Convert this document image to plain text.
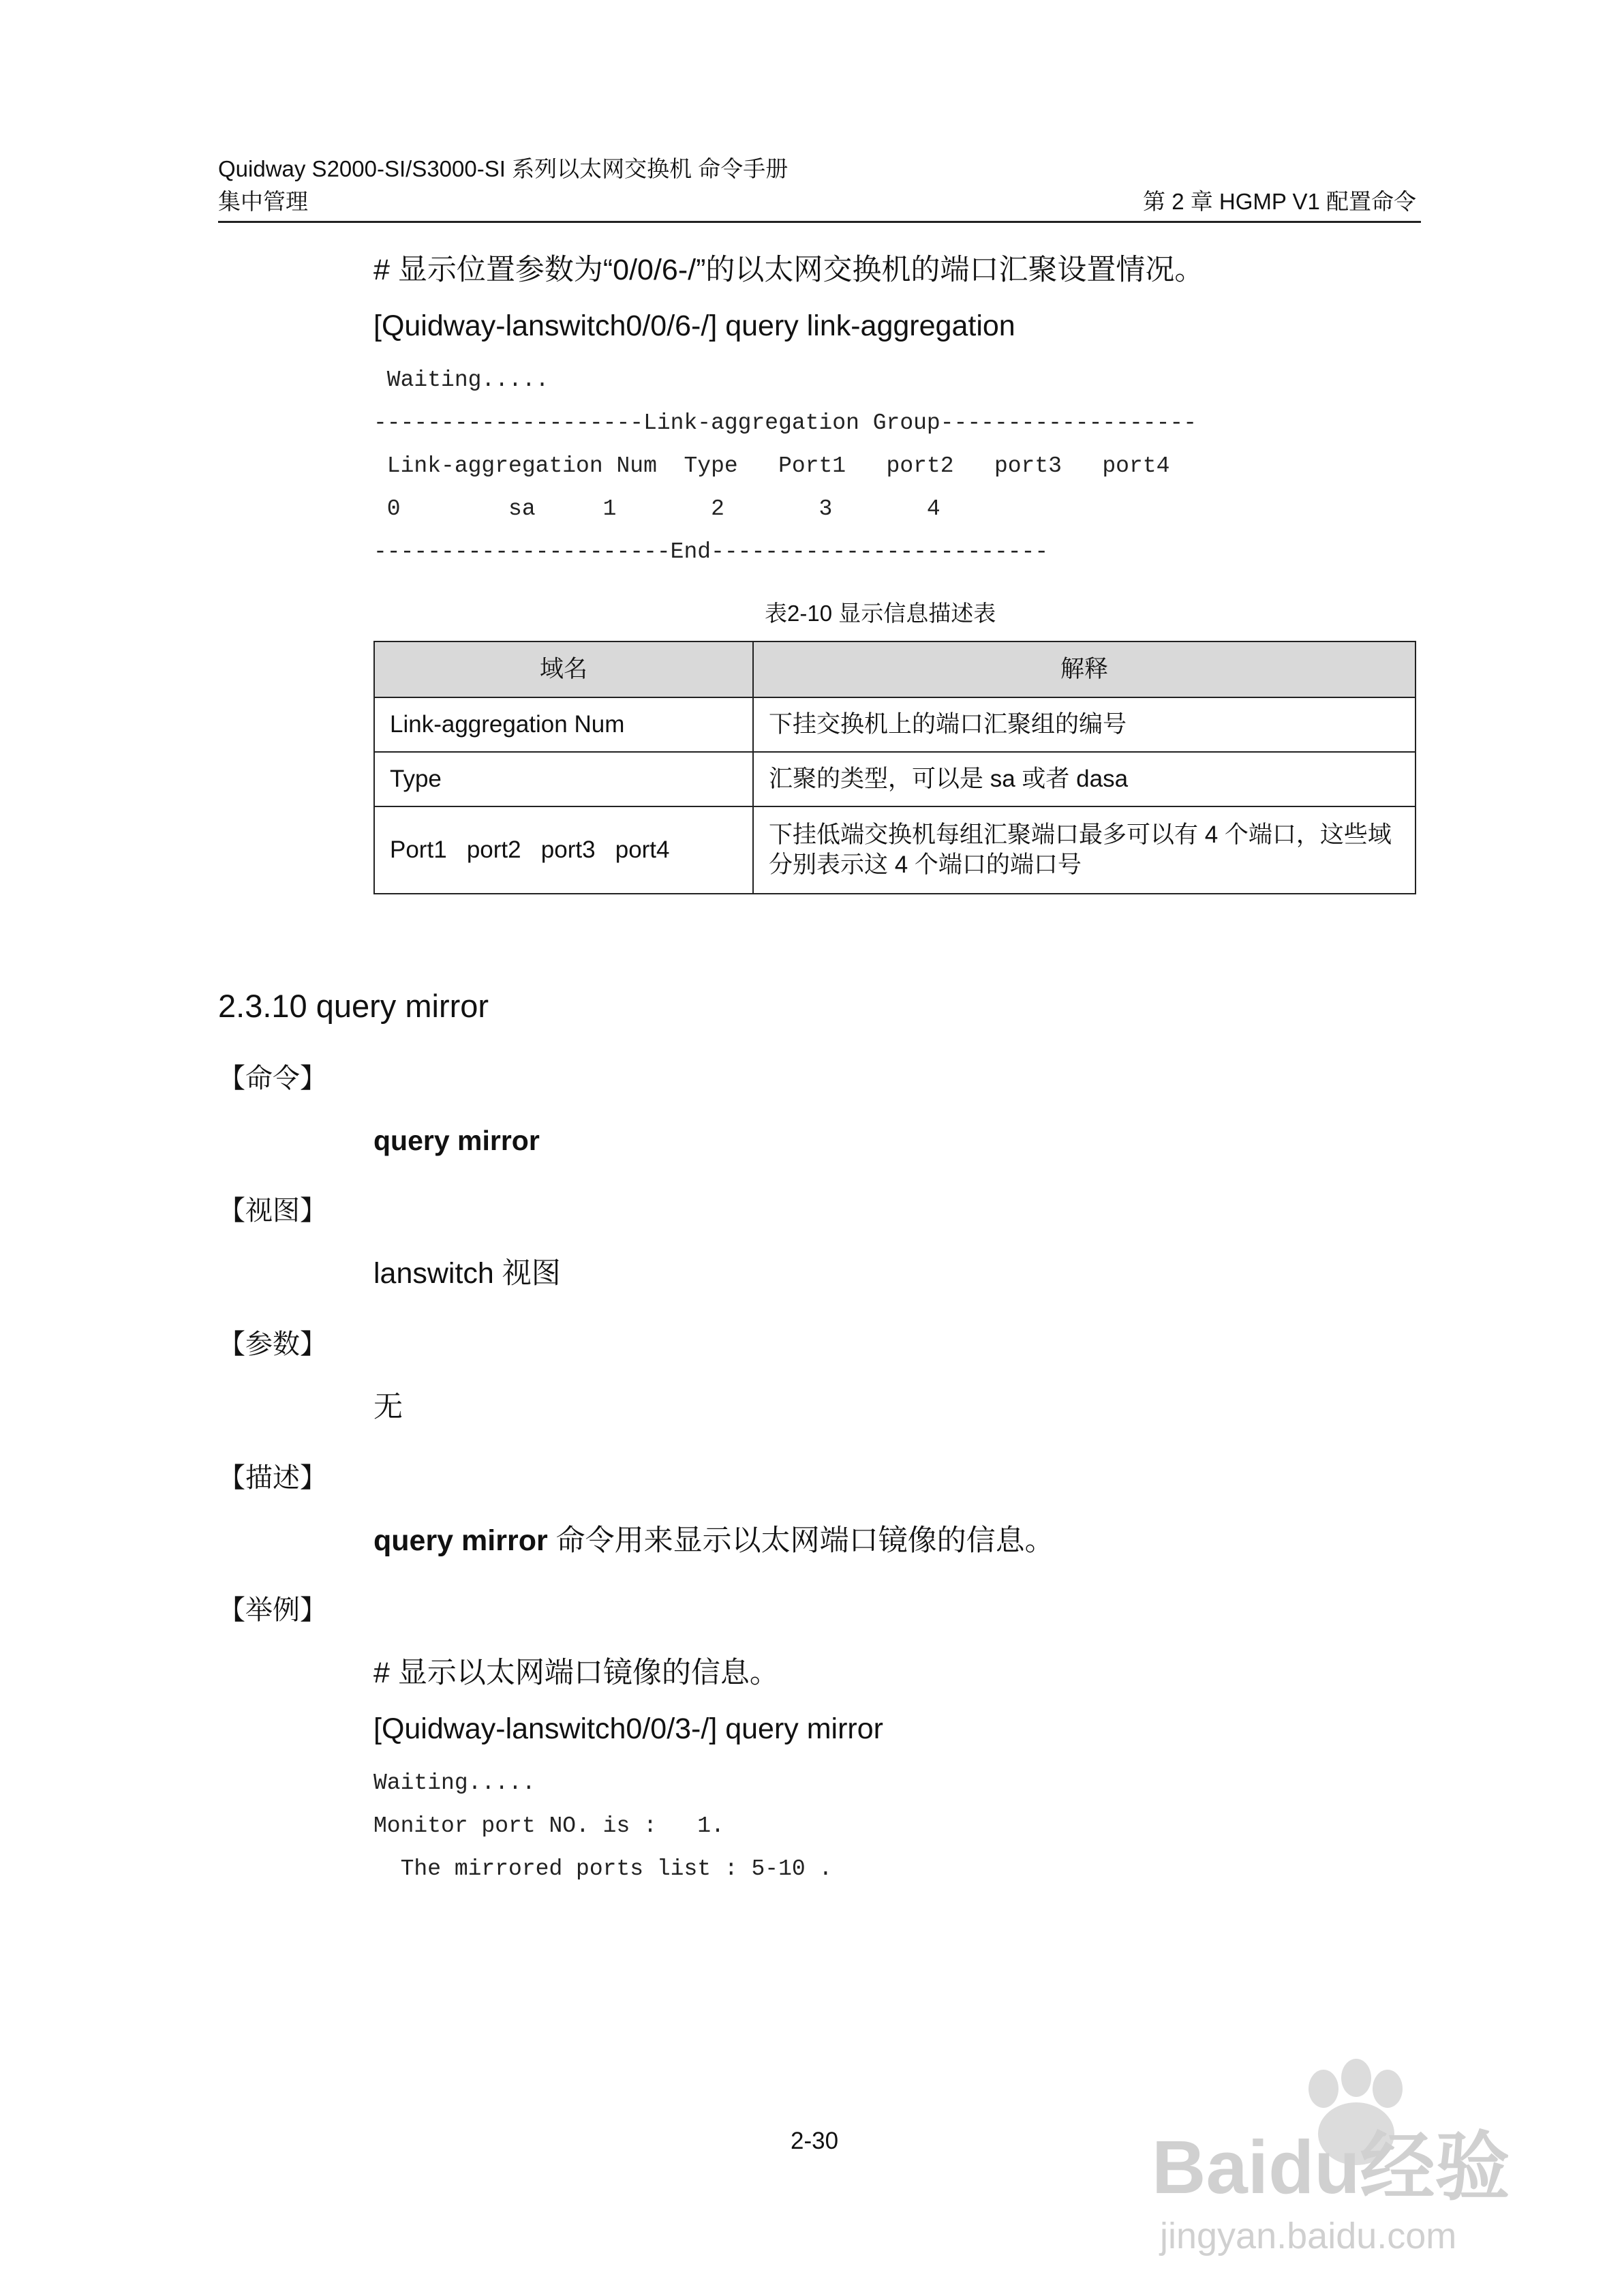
Quidway S2000-SI/S3000-SI 系列以太网交换机 命令手册
集中管理	第 2 章 HGMP V1 配置命令
# 显示位置参数为“0/0/6-/”的以太网交换机的端口汇聚设置情况。
[Quidway-lanswitch0/0/6-/] query link-aggregation
Waiting.....
--------------------Link-aggregation Group-------------------
Link-aggregation Num  Type   Port1   port2   port3   port4
0        sa     1       2       3       4
----------------------End-------------------------
表2-10 显示信息描述表
域名	解释
Link-aggregation Num	下挂交换机上的端口汇聚组的编号
Type	汇聚的类型，可以是 sa 或者 dasa
Port1   port2   port3   port4	下挂低端交换机每组汇聚端口最多可以有 4 个端口，这些域分别表示这 4 个端口的端口号
2.3.10 query mirror
【命令】
query mirror
【视图】
lanswitch 视图
【参数】
无
【描述】
query mirror 命令用来显示以太网端口镜像的信息。
【举例】
# 显示以太网端口镜像的信息。
[Quidway-lanswitch0/0/3-/] query mirror
Waiting.....
Monitor port NO. is :   1.
The mirrored ports list : 5-10 .
2-30	Baidu经验
jingyan.baidu.com
